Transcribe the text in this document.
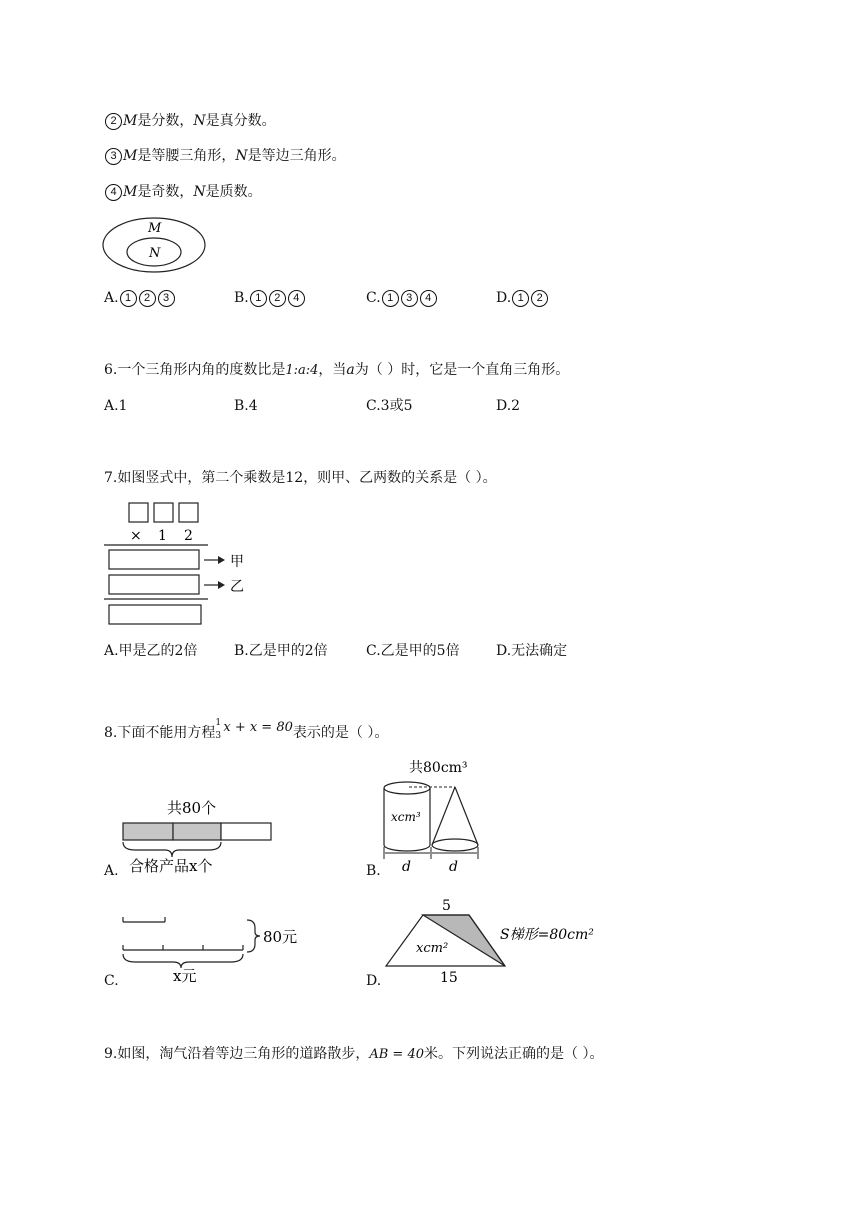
2 M是分数，N是真分数。
3 M是等腰三角形，N是等边三角形。
4 M是奇数，N是质数。
M
N
A. 1 2 3	B. 1 2 4	C. 1 3 4	D. 1 2
6.一个三角形内角的度数比是1:a:4，当a为（ ）时，它是一个直角三角形。
A.1	B.4	C.3或5	D.2
7.如图竖式中，第二个乘数是12，则甲、乙两数的关系是（ ）。
× 1 2
甲
乙
A.甲是乙的2倍	B.乙是甲的2倍	C.乙是甲的5倍	D.无法确定
8.下面不能用方程
1
3
x + x = 80表示的是（ ）。
共80个
合格产品x个
A.
共80cm³
xcm³
d	d
B.
80元
x元
C.
5
xcm²
S梯形=80cm²
15
D.
9.如图，淘气沿着等边三角形的道路散步，AB = 40米。下列说法正确的是（ ）。
